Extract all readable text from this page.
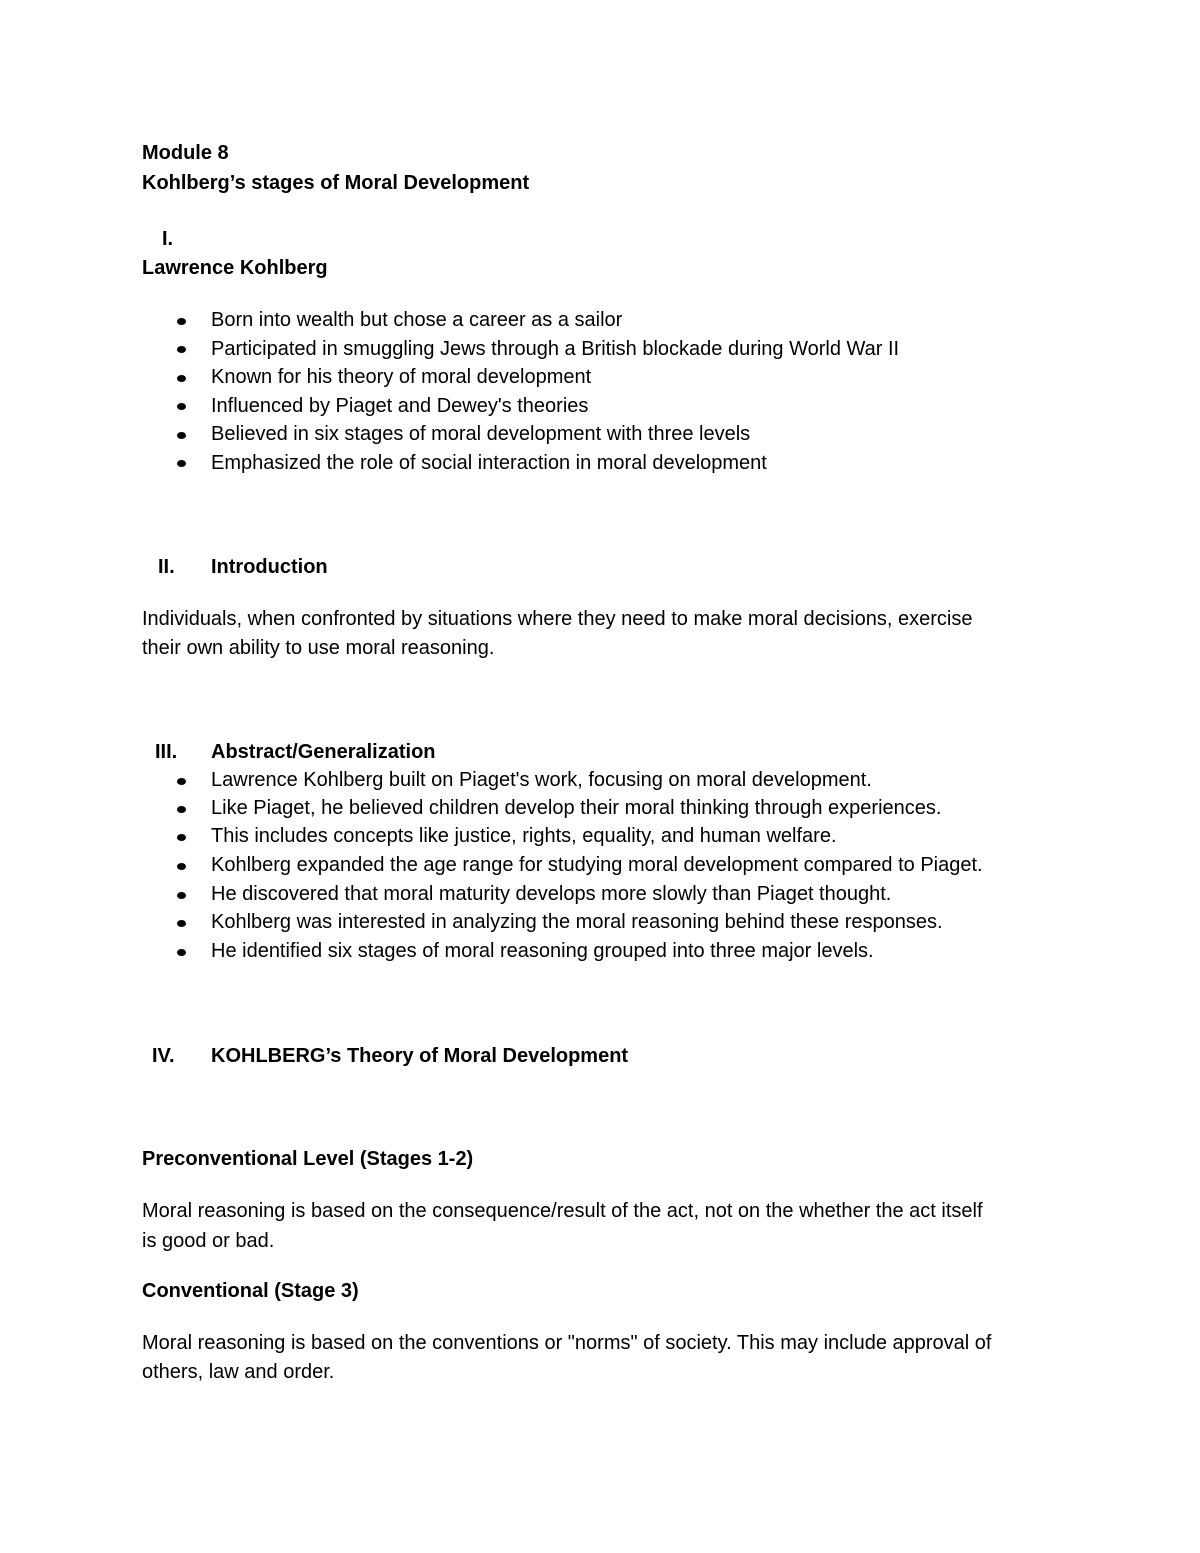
Module 8
Kohlberg’s stages of Moral Development
I.
Lawrence Kohlberg
Born into wealth but chose a career as a sailor
Participated in smuggling Jews through a British blockade during World War II
Known for his theory of moral development
Influenced by Piaget and Dewey's theories
Believed in six stages of moral development with three levels
Emphasized the role of social interaction in moral development
II. Introduction
Individuals, when confronted by situations where they need to make moral decisions, exercise
their own ability to use moral reasoning.
III. Abstract/Generalization
Lawrence Kohlberg built on Piaget's work, focusing on moral development.
Like Piaget, he believed children develop their moral thinking through experiences.
This includes concepts like justice, rights, equality, and human welfare.
Kohlberg expanded the age range for studying moral development compared to Piaget.
He discovered that moral maturity develops more slowly than Piaget thought.
Kohlberg was interested in analyzing the moral reasoning behind these responses.
He identified six stages of moral reasoning grouped into three major levels.
IV. KOHLBERG’s Theory of Moral Development
Preconventional Level (Stages 1-2)
Moral reasoning is based on the consequence/result of the act, not on the whether the act itself
is good or bad.
Conventional (Stage 3)
Moral reasoning is based on the conventions or "norms" of society. This may include approval of
others, law and order.
